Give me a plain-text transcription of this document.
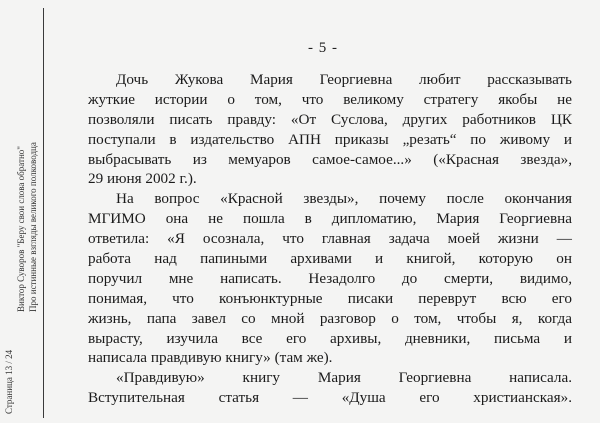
Страница 13 / 24
Виктор Суворов "Беру свои слова обратно" Про истинные взгляды великого полководца
- 5 -
Дочь Жукова Мария Георгиевна любит рассказывать
жуткие истории о том, что великому стратегу якобы не
позволяли писать правду: «От Суслова, других работников ЦК
поступали в издательство АПН приказы „резать“ по живому и
выбрасывать из мемуаров самое-самое...» («Красная звезда»,
29 июня 2002 г.).
На вопрос «Красной звезды», почему после окончания
МГИМО она не пошла в дипломатию, Мария Георгиевна
ответила: «Я осознала, что главная задача моей жизни —
работа над папиными архивами и книгой, которую он
поручил мне написать. Незадолго до смерти, видимо,
понимая, что конъюнктурные писаки переврут всю его
жизнь, папа завел со мной разговор о том, чтобы я, когда
вырасту, изучила все его архивы, дневники, письма и
написала правдивую книгу» (там же).
«Правдивую» книгу Мария Георгиевна написала.
Вступительная статья — «Душа его христианская».
